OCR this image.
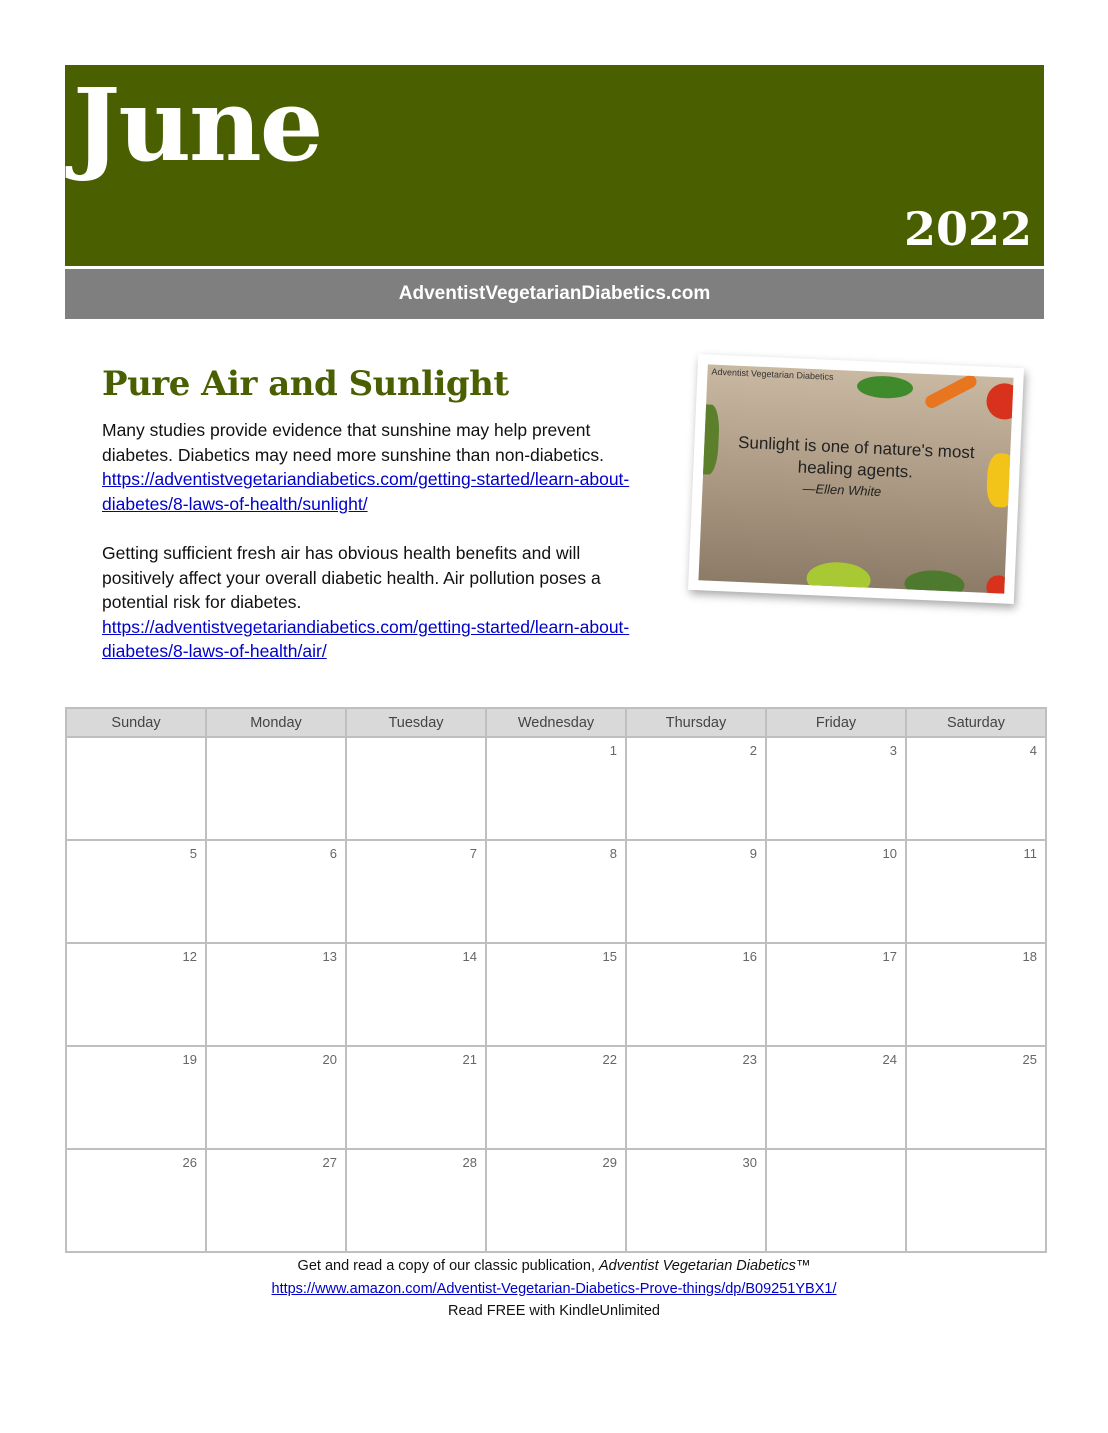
June
2022
AdventistVegetarianDiabetics.com
Pure Air and Sunlight

Many studies provide evidence that sunshine may help prevent diabetes. Diabetics may need more sunshine than non-diabetics. https://adventistvegetariandiabetics.com/getting-started/learn-about-diabetes/8-laws-of-health/sunlight/

Getting sufficient fresh air has obvious health benefits and will positively affect your overall diabetic health. Air pollution poses a potential risk for diabetes. https://adventistvegetariandiabetics.com/getting-started/learn-about-diabetes/8-laws-of-health/air/

Adventist Vegetarian Diabetics
Sunlight is one of nature's most healing agents.
—Ellen White
Sunday	Monday	Tuesday	Wednesday	Thursday	Friday	Saturday
			1	2	3	4
5	6	7	8	9	10	11
12	13	14	15	16	17	18
19	20	21	22	23	24	25
26	27	28	29	30		
Get and read a copy of our classic publication, Adventist Vegetarian Diabetics™
https://www.amazon.com/Adventist-Vegetarian-Diabetics-Prove-things/dp/B09251YBX1/
Read FREE with KindleUnlimited
